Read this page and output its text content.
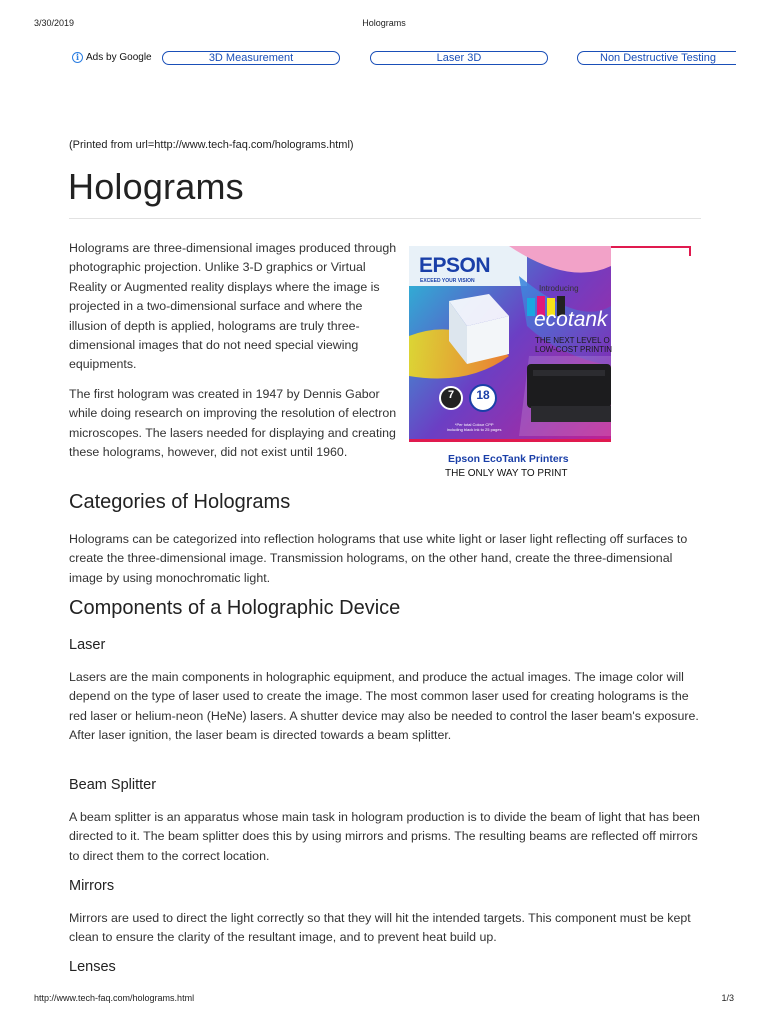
3/30/2019	Holograms
i Ads by Google	3D Measurement	Laser 3D	Non Destructive Testing
(Printed from url=http://www.tech-faq.com/holograms.html)
Holograms

Holograms are three-dimensional images produced through photographic projection. Unlike 3-D graphics or Virtual Reality or Augmented reality displays where the image is projected in a two-dimensional surface and where the illusion of depth is applied, holograms are truly three-dimensional images that do not need special viewing equipments.

The first hologram was created in 1947 by Dennis Gabor while doing research on improving the resolution of electron microscopes. The lasers needed for displaying and creating these holograms, however, did not exist until 1960.

EPSON
EXCEED YOUR VISION
Introducing
ecotank
THE NEXT LEVEL O
LOW-COST PRINTIN
7	18
*Per total Colour CPP
including black ink to 25 pages
Epson EcoTank Printers
THE ONLY WAY TO PRINT
Categories of Holograms

Holograms can be categorized into reflection holograms that use white light or laser light reflecting off surfaces to create the three-dimensional image. Transmission holograms, on the other hand, create the three-dimensional image by using monochromatic light.

Components of a Holographic Device
Laser

Lasers are the main components in holographic equipment, and produce the actual images. The image color will depend on the type of laser used to create the image. The most common laser used for creating holograms is the red laser or helium-neon (HeNe) lasers. A shutter device may also be needed to control the laser beam's exposure. After laser ignition, the laser beam is directed towards a beam splitter.

Beam Splitter

A beam splitter is an apparatus whose main task in hologram production is to divide the beam of light that has been directed to it. The beam splitter does this by using mirrors and prisms. The resulting beams are reflected off mirrors to direct them to the correct location.

Mirrors

Mirrors are used to direct the light correctly so that they will hit the intended targets. This component must be kept clean to ensure the clarity of the resultant image, and to prevent heat build up.

Lenses
http://www.tech-faq.com/holograms.html	1/3
